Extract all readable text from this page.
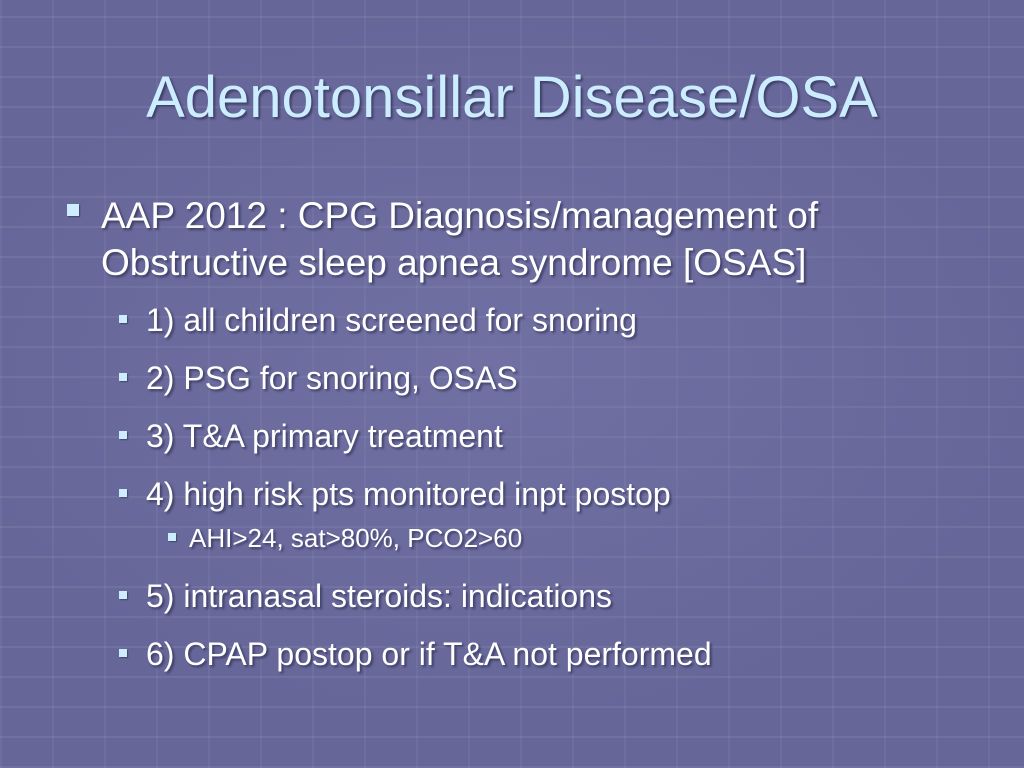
Adenotonsillar Disease/OSA
AAP 2012 : CPG Diagnosis/management of Obstructive sleep apnea syndrome [OSAS]
1) all children screened for snoring
2) PSG for snoring, OSAS
3) T&A primary treatment
4) high risk pts monitored inpt postop
AHI>24, sat>80%, PCO2>60
5) intranasal steroids: indications
6) CPAP postop or if T&A not performed
